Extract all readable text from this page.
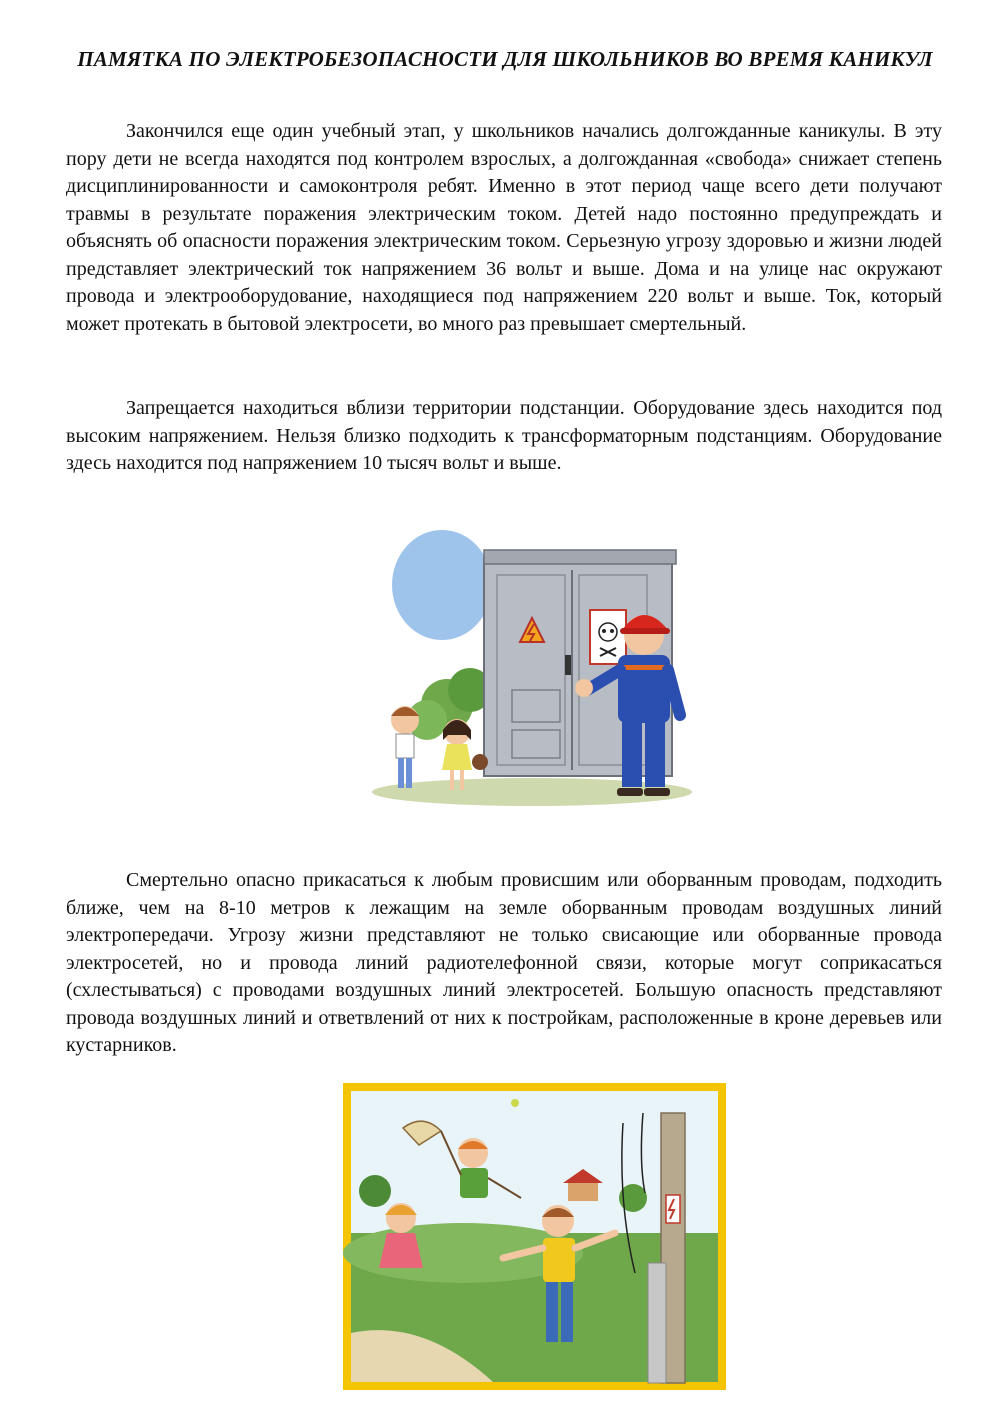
ПАМЯТКА ПО ЭЛЕКТРОБЕЗОПАСНОСТИ ДЛЯ ШКОЛЬНИКОВ ВО ВРЕМЯ КАНИКУЛ

Закончился еще один учебный этап, у школьников начались долгожданные каникулы. В эту пору дети не всегда находятся под контролем взрослых, а долгожданная «свобода» снижает степень дисциплинированности и самоконтроля ребят. Именно в этот период чаще всего дети получают травмы в результате поражения электрическим током. Детей надо постоянно предупреждать и объяснять об опасности поражения электрическим током. Серьезную угрозу здоровью и жизни людей представляет электрический ток напряжением 36 вольт и выше. Дома и на улице нас окружают провода и электрооборудование, находящиеся под напряжением 220 вольт и выше. Ток, который может протекать в бытовой электросети, во много раз превышает смертельный.

Запрещается находиться вблизи территории подстанции. Оборудование здесь находится под высоким напряжением. Нельзя близко подходить к трансформаторным подстанциям. Оборудование здесь находится под напряжением 10 тысяч вольт и выше.

Смертельно опасно прикасаться к любым провисшим или оборванным проводам, подходить ближе, чем на 8-10 метров к лежащим на земле оборванным проводам воздушных линий электропередачи. Угрозу жизни представляют не только свисающие или оборванные провода электросетей, но и провода линий радиотелефонной связи, которые могут соприкасаться (схлестываться) с проводами воздушных линий электросетей. Большую опасность представляют провода воздушных линий и ответвлений от них к постройкам, расположенные в кроне деревьев или кустарников.
